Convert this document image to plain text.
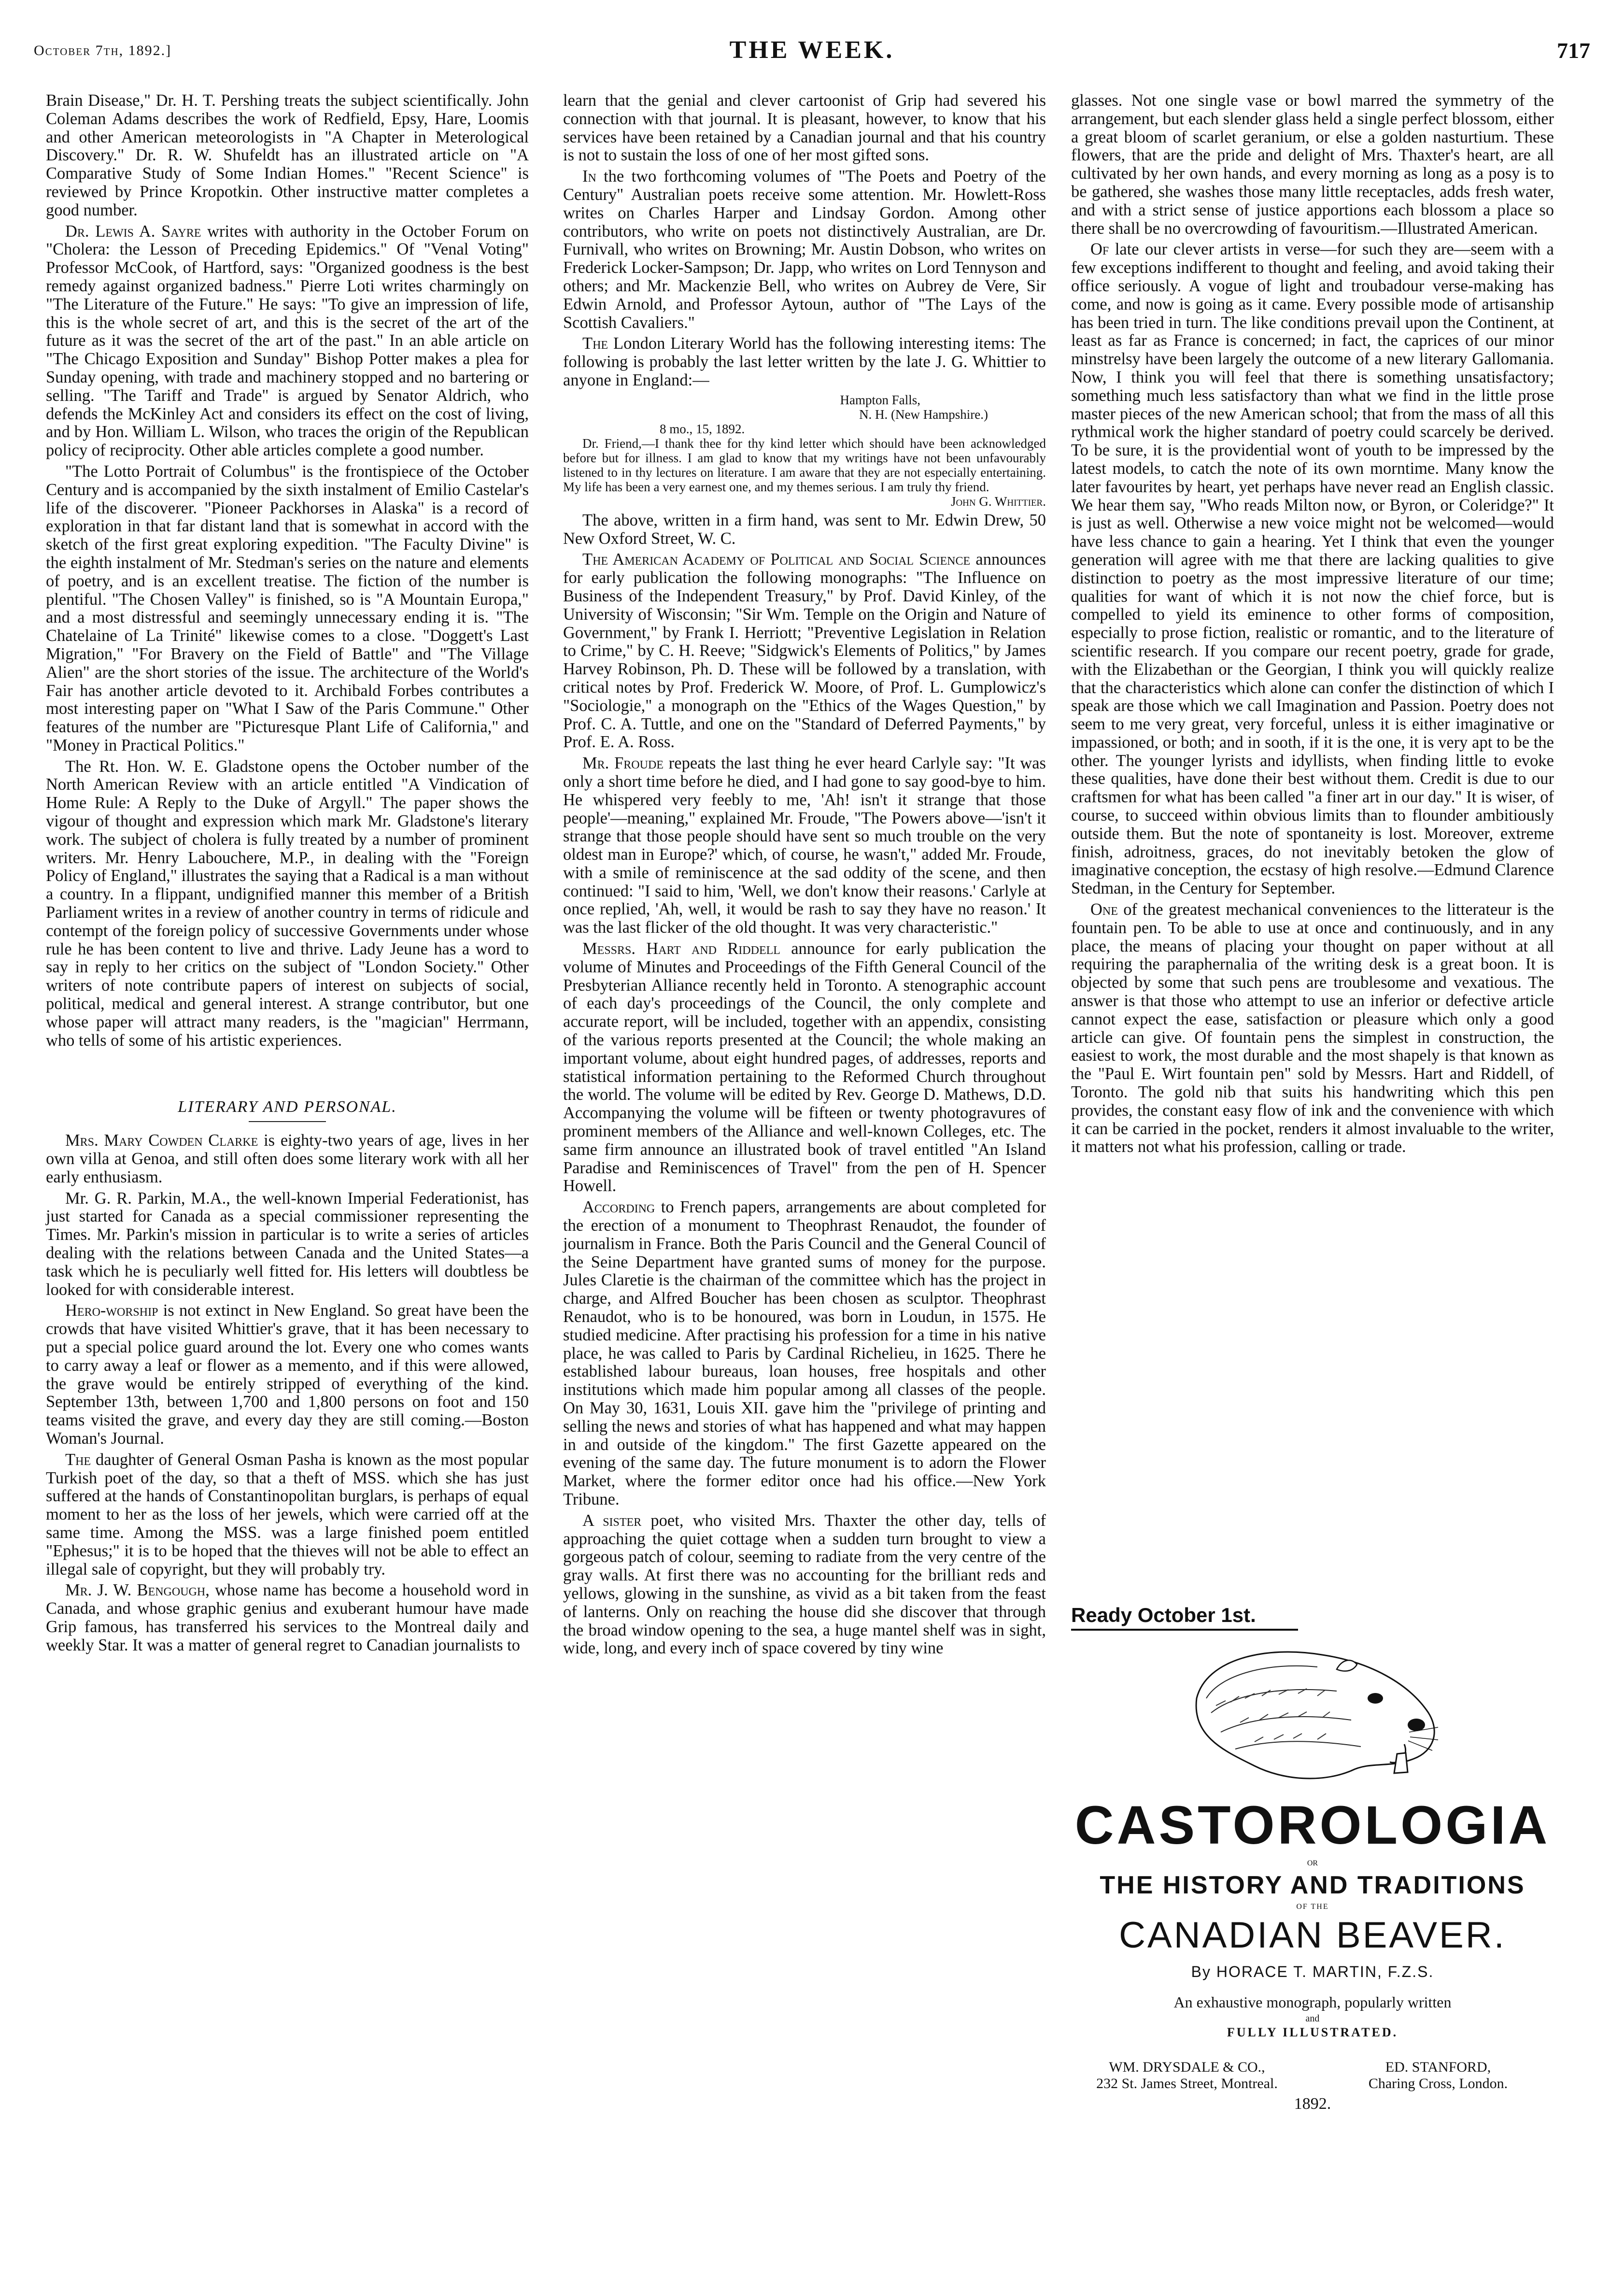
October 7th, 1892.]	THE WEEK.	717

Brain Disease," Dr. H. T. Pershing treats the subject scientifically. John Coleman Adams describes the work of Redfield, Epsy, Hare, Loomis and other American meteorologists in "A Chapter in Meterological Discovery." Dr. R. W. Shufeldt has an illustrated article on "A Comparative Study of Some Indian Homes." "Recent Science" is reviewed by Prince Kropotkin. Other instructive matter completes a good number.

Dr. Lewis A. Sayre writes with authority in the October Forum on "Cholera: the Lesson of Preceding Epidemics." Of "Venal Voting" Professor McCook, of Hartford, says: "Organized goodness is the best remedy against organized badness." Pierre Loti writes charmingly on "The Literature of the Future." He says: "To give an impression of life, this is the whole secret of art, and this is the secret of the art of the future as it was the secret of the art of the past." In an able article on "The Chicago Exposition and Sunday" Bishop Potter makes a plea for Sunday opening, with trade and machinery stopped and no bartering or selling. "The Tariff and Trade" is argued by Senator Aldrich, who defends the McKinley Act and considers its effect on the cost of living, and by Hon. William L. Wilson, who traces the origin of the Republican policy of reciprocity. Other able articles complete a good number.

"The Lotto Portrait of Columbus" is the frontispiece of the October Century and is accompanied by the sixth instalment of Emilio Castelar's life of the discoverer. "Pioneer Packhorses in Alaska" is a record of exploration in that far distant land that is somewhat in accord with the sketch of the first great exploring expedition. "The Faculty Divine" is the eighth instalment of Mr. Stedman's series on the nature and elements of poetry, and is an excellent treatise. The fiction of the number is plentiful. "The Chosen Valley" is finished, so is "A Mountain Europa," and a most distressful and seemingly unnecessary ending it is. "The Chatelaine of La Trinité" likewise comes to a close. "Doggett's Last Migration," "For Bravery on the Field of Battle" and "The Village Alien" are the short stories of the issue. The architecture of the World's Fair has another article devoted to it. Archibald Forbes contributes a most interesting paper on "What I Saw of the Paris Commune." Other features of the number are "Picturesque Plant Life of California," and "Money in Practical Politics."

The Rt. Hon. W. E. Gladstone opens the October number of the North American Review with an article entitled "A Vindication of Home Rule: A Reply to the Duke of Argyll." The paper shows the vigour of thought and expression which mark Mr. Gladstone's literary work. The subject of cholera is fully treated by a number of prominent writers. Mr. Henry Labouchere, M.P., in dealing with the "Foreign Policy of England," illustrates the saying that a Radical is a man without a country. In a flippant, undignified manner this member of a British Parliament writes in a review of another country in terms of ridicule and contempt of the foreign policy of successive Governments under whose rule he has been content to live and thrive. Lady Jeune has a word to say in reply to her critics on the subject of "London Society." Other writers of note contribute papers of interest on subjects of social, political, medical and general interest. A strange contributor, but one whose paper will attract many readers, is the "magician" Herrmann, who tells of some of his artistic experiences.

LITERARY AND PERSONAL.

Mrs. Mary Cowden Clarke is eighty-two years of age, lives in her own villa at Genoa, and still often does some literary work with all her early enthusiasm.

Mr. G. R. Parkin, M.A., the well-known Imperial Federationist, has just started for Canada as a special commissioner representing the Times. Mr. Parkin's mission in particular is to write a series of articles dealing with the relations between Canada and the United States—a task which he is peculiarly well fitted for. His letters will doubtless be looked for with considerable interest.

Hero-worship is not extinct in New England. So great have been the crowds that have visited Whittier's grave, that it has been necessary to put a special police guard around the lot. Every one who comes wants to carry away a leaf or flower as a memento, and if this were allowed, the grave would be entirely stripped of everything of the kind. September 13th, between 1,700 and 1,800 persons on foot and 150 teams visited the grave, and every day they are still coming.—Boston Woman's Journal.

The daughter of General Osman Pasha is known as the most popular Turkish poet of the day, so that a theft of MSS. which she has just suffered at the hands of Constantinopolitan burglars, is perhaps of equal moment to her as the loss of her jewels, which were carried off at the same time. Among the MSS. was a large finished poem entitled "Ephesus;" it is to be hoped that the thieves will not be able to effect an illegal sale of copyright, but they will probably try.

Mr. J. W. Bengough, whose name has become a household word in Canada, and whose graphic genius and exuberant humour have made Grip famous, has transferred his services to the Montreal daily and weekly Star. It was a matter of general regret to Canadian journalists to

learn that the genial and clever cartoonist of Grip had severed his connection with that journal. It is pleasant, however, to know that his services have been retained by a Canadian journal and that his country is not to sustain the loss of one of her most gifted sons.

In the two forthcoming volumes of "The Poets and Poetry of the Century" Australian poets receive some attention. Mr. Howlett-Ross writes on Charles Harper and Lindsay Gordon. Among other contributors, who write on poets not distinctively Australian, are Dr. Furnivall, who writes on Browning; Mr. Austin Dobson, who writes on Frederick Locker-Sampson; Dr. Japp, who writes on Lord Tennyson and others; and Mr. Mackenzie Bell, who writes on Aubrey de Vere, Sir Edwin Arnold, and Professor Aytoun, author of "The Lays of the Scottish Cavaliers."

The London Literary World has the following interesting items: The following is probably the last letter written by the late J. G. Whittier to anyone in England:—

Hampton Falls,

N. H. (New Hampshire.)

8 mo., 15, 1892.

Dr. Friend,—I thank thee for thy kind letter which should have been acknowledged before but for illness. I am glad to know that my writings have not been unfavourably listened to in thy lectures on literature. I am aware that they are not especially entertaining. My life has been a very earnest one, and my themes serious. I am truly thy friend.

John G. Whittier.

The above, written in a firm hand, was sent to Mr. Edwin Drew, 50 New Oxford Street, W. C.

The American Academy of Political and Social Science announces for early publication the following monographs: "The Influence on Business of the Independent Treasury," by Prof. David Kinley, of the University of Wisconsin; "Sir Wm. Temple on the Origin and Nature of Government," by Frank I. Herriott; "Preventive Legislation in Relation to Crime," by C. H. Reeve; "Sidgwick's Elements of Politics," by James Harvey Robinson, Ph. D. These will be followed by a translation, with critical notes by Prof. Frederick W. Moore, of Prof. L. Gumplowicz's "Sociologie," a monograph on the "Ethics of the Wages Question," by Prof. C. A. Tuttle, and one on the "Standard of Deferred Payments," by Prof. E. A. Ross.

Mr. Froude repeats the last thing he ever heard Carlyle say: "It was only a short time before he died, and I had gone to say good-bye to him. He whispered very feebly to me, 'Ah! isn't it strange that those people'—meaning," explained Mr. Froude, "The Powers above—'isn't it strange that those people should have sent so much trouble on the very oldest man in Europe?' which, of course, he wasn't," added Mr. Froude, with a smile of reminiscence at the sad oddity of the scene, and then continued: "I said to him, 'Well, we don't know their reasons.' Carlyle at once replied, 'Ah, well, it would be rash to say they have no reason.' It was the last flicker of the old thought. It was very characteristic."

Messrs. Hart and Riddell announce for early publication the volume of Minutes and Proceedings of the Fifth General Council of the Presbyterian Alliance recently held in Toronto. A stenographic account of each day's proceedings of the Council, the only complete and accurate report, will be included, together with an appendix, consisting of the various reports presented at the Council; the whole making an important volume, about eight hundred pages, of addresses, reports and statistical information pertaining to the Reformed Church throughout the world. The volume will be edited by Rev. George D. Mathews, D.D. Accompanying the volume will be fifteen or twenty photogravures of prominent members of the Alliance and well-known Colleges, etc. The same firm announce an illustrated book of travel entitled "An Island Paradise and Reminiscences of Travel" from the pen of H. Spencer Howell.

According to French papers, arrangements are about completed for the erection of a monument to Theophrast Renaudot, the founder of journalism in France. Both the Paris Council and the General Council of the Seine Department have granted sums of money for the purpose. Jules Claretie is the chairman of the committee which has the project in charge, and Alfred Boucher has been chosen as sculptor. Theophrast Renaudot, who is to be honoured, was born in Loudun, in 1575. He studied medicine. After practising his profession for a time in his native place, he was called to Paris by Cardinal Richelieu, in 1625. There he established labour bureaus, loan houses, free hospitals and other institutions which made him popular among all classes of the people. On May 30, 1631, Louis XII. gave him the "privilege of printing and selling the news and stories of what has happened and what may happen in and outside of the kingdom." The first Gazette appeared on the evening of the same day. The future monument is to adorn the Flower Market, where the former editor once had his office.—New York Tribune.

A sister poet, who visited Mrs. Thaxter the other day, tells of approaching the quiet cottage when a sudden turn brought to view a gorgeous patch of colour, seeming to radiate from the very centre of the gray walls. At first there was no accounting for the brilliant reds and yellows, glowing in the sunshine, as vivid as a bit taken from the feast of lanterns. Only on reaching the house did she discover that through the broad window opening to the sea, a huge mantel shelf was in sight, wide, long, and every inch of space covered by tiny wine

glasses. Not one single vase or bowl marred the symmetry of the arrangement, but each slender glass held a single perfect blossom, either a great bloom of scarlet geranium, or else a golden nasturtium. These flowers, that are the pride and delight of Mrs. Thaxter's heart, are all cultivated by her own hands, and every morning as long as a posy is to be gathered, she washes those many little receptacles, adds fresh water, and with a strict sense of justice apportions each blossom a place so there shall be no overcrowding of favouritism.—Illustrated American.

Of late our clever artists in verse—for such they are—seem with a few exceptions indifferent to thought and feeling, and avoid taking their office seriously. A vogue of light and troubadour verse-making has come, and now is going as it came. Every possible mode of artisanship has been tried in turn. The like conditions prevail upon the Continent, at least as far as France is concerned; in fact, the caprices of our minor minstrelsy have been largely the outcome of a new literary Gallomania. Now, I think you will feel that there is something unsatisfactory; something much less satisfactory than what we find in the little prose master pieces of the new American school; that from the mass of all this rythmical work the higher standard of poetry could scarcely be derived. To be sure, it is the providential wont of youth to be impressed by the latest models, to catch the note of its own morntime. Many know the later favourites by heart, yet perhaps have never read an English classic. We hear them say, "Who reads Milton now, or Byron, or Coleridge?" It is just as well. Otherwise a new voice might not be welcomed—would have less chance to gain a hearing. Yet I think that even the younger generation will agree with me that there are lacking qualities to give distinction to poetry as the most impressive literature of our time; qualities for want of which it is not now the chief force, but is compelled to yield its eminence to other forms of composition, especially to prose fiction, realistic or romantic, and to the literature of scientific research. If you compare our recent poetry, grade for grade, with the Elizabethan or the Georgian, I think you will quickly realize that the characteristics which alone can confer the distinction of which I speak are those which we call Imagination and Passion. Poetry does not seem to me very great, very forceful, unless it is either imaginative or impassioned, or both; and in sooth, if it is the one, it is very apt to be the other. The younger lyrists and idyllists, when finding little to evoke these qualities, have done their best without them. Credit is due to our craftsmen for what has been called "a finer art in our day." It is wiser, of course, to succeed within obvious limits than to flounder ambitiously outside them. But the note of spontaneity is lost. Moreover, extreme finish, adroitness, graces, do not inevitably betoken the glow of imaginative conception, the ecstasy of high resolve.—Edmund Clarence Stedman, in the Century for September.

One of the greatest mechanical conveniences to the litterateur is the fountain pen. To be able to use at once and continuously, and in any place, the means of placing your thought on paper without at all requiring the paraphernalia of the writing desk is a great boon. It is objected by some that such pens are troublesome and vexatious. The answer is that those who attempt to use an inferior or defective article cannot expect the ease, satisfaction or pleasure which only a good article can give. Of fountain pens the simplest in construction, the easiest to work, the most durable and the most shapely is that known as the "Paul E. Wirt fountain pen" sold by Messrs. Hart and Riddell, of Toronto. The gold nib that suits his handwriting which this pen provides, the constant easy flow of ink and the convenience with which it can be carried in the pocket, renders it almost invaluable to the writer, it matters not what his profession, calling or trade.

Ready October 1st.
CASTOROLOGIA
OR
THE HISTORY AND TRADITIONS
OF THE
CANADIAN BEAVER.
By HORACE T. MARTIN, F.Z.S.
An exhaustive monograph, popularly written
and
FULLY ILLUSTRATED.
WM. DRYSDALE & CO.,
232 St. James Street, Montreal.
ED. STANFORD,
Charing Cross, London.
1892.
